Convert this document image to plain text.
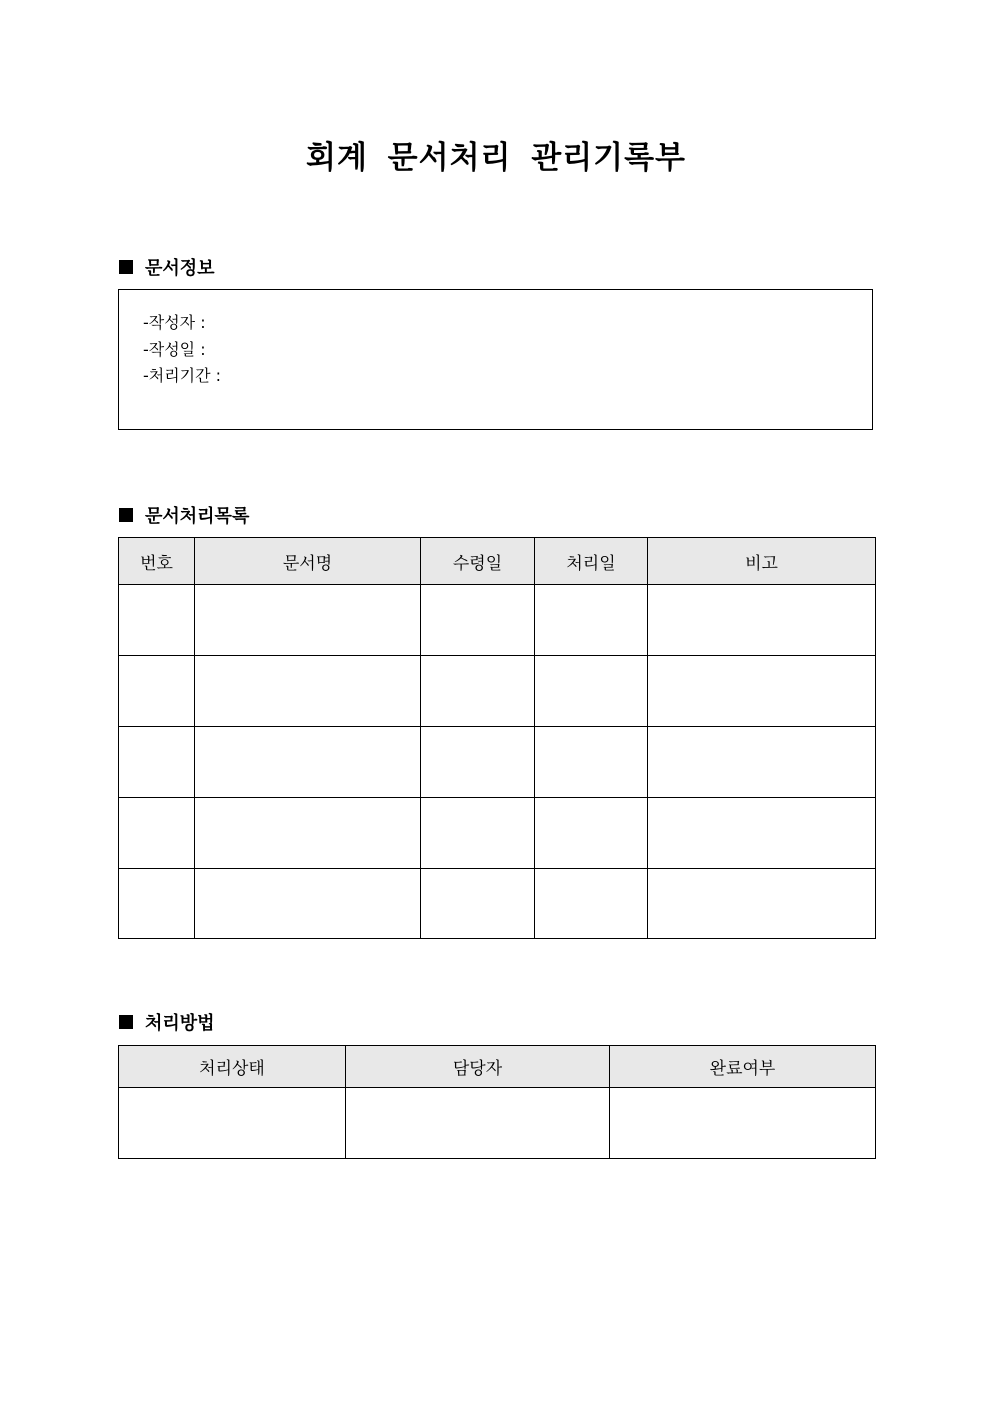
회계 문서처리 관리기록부
문서정보
-작성자 :
-작성일 :
-처리기간 :
문서처리목록
번호	문서명	수령일	처리일	비고

처리방법
처리상태	담당자	완료여부
